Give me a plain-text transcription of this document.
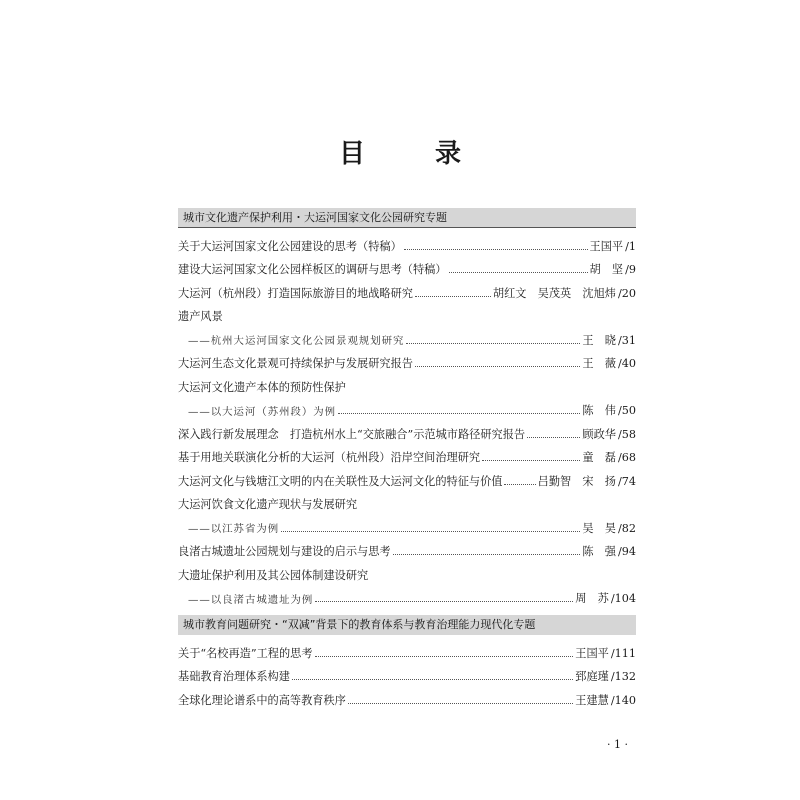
目　录
城市文化遗产保护利用・大运河国家文化公园研究专题
关于大运河国家文化公园建设的思考（特稿）	王国平 /1
建设大运河国家文化公园样板区的调研与思考（特稿）	胡　坚 /9
大运河（杭州段）打造国际旅游目的地战略研究	胡红文　吴茂英　沈旭炜 /20
遗产风景
——杭州大运河国家文化公园景观规划研究	王　晓 /31
大运河生态文化景观可持续保护与发展研究报告	王　薇 /40
大运河文化遗产本体的预防性保护
——以大运河（苏州段）为例	陈　伟 /50
深入践行新发展理念　打造杭州水上“交旅融合”示范城市路径研究报告	顾政华 /58
基于用地关联演化分析的大运河（杭州段）沿岸空间治理研究	童　磊 /68
大运河文化与钱塘江文明的内在关联性及大运河文化的特征与价值	吕勤智　宋　扬 /74
大运河饮食文化遗产现状与发展研究
——以江苏省为例	吴　昊 /82
良渚古城遗址公园规划与建设的启示与思考	陈　强 /94
大遗址保护利用及其公园体制建设研究
——以良渚古城遗址为例	周　苏 /104
城市教育问题研究・“双减”背景下的教育体系与教育治理能力现代化专题
关于“名校再造”工程的思考	王国平 /111
基础教育治理体系构建	郅庭瑾 /132
全球化理论谱系中的高等教育秩序	王建慧 /140
· 1 ·
